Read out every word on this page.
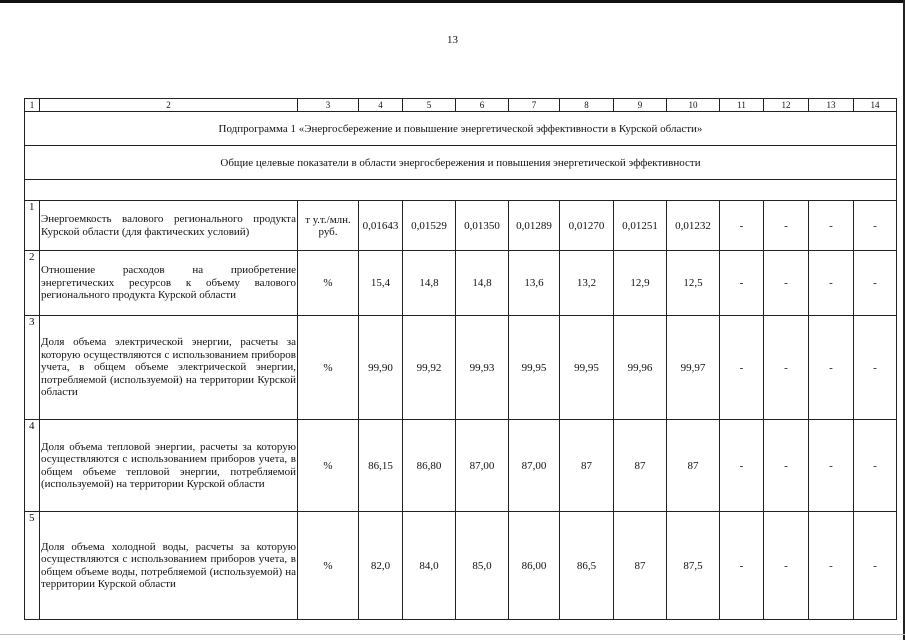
13
1	2	3	4	5	6	7	8	9	10	11	12	13	14
Подпрограмма 1 «Энергосбережение и повышение энергетической эффективности в Курской области»													
Общие целевые показатели в области энергосбережения и повышения энергетической эффективности													

1	Энергоемкость валового регионального продукта Курской области (для фактических условий)	т у.т./млн. руб.	0,01643	0,01529	0,01350	0,01289	0,01270	0,01251	0,01232	-	-	-	-
2	Отношение расходов на приобретение энергетических ресурсов к объему валового регионального продукта Курской области	%	15,4	14,8	14,8	13,6	13,2	12,9	12,5	-	-	-	-
3	Доля объема электрической энергии, расчеты за которую осуществляются с использованием приборов учета, в общем объеме электрической энергии, потребляемой (используемой) на территории Курской области	%	99,90	99,92	99,93	99,95	99,95	99,96	99,97	-	-	-	-
4	Доля объема тепловой энергии, расчеты за которую осуществляются с использованием приборов учета, в общем объеме тепловой энергии, потребляемой (используемой) на территории Курской области	%	86,15	86,80	87,00	87,00	87	87	87	-	-	-	-
5	Доля объема холодной воды, расчеты за которую осуществляются с использованием приборов учета, в общем объеме воды, потребляемой (используемой) на территории Курской области	%	82,0	84,0	85,0	86,00	86,5	87	87,5	-	-	-	-
